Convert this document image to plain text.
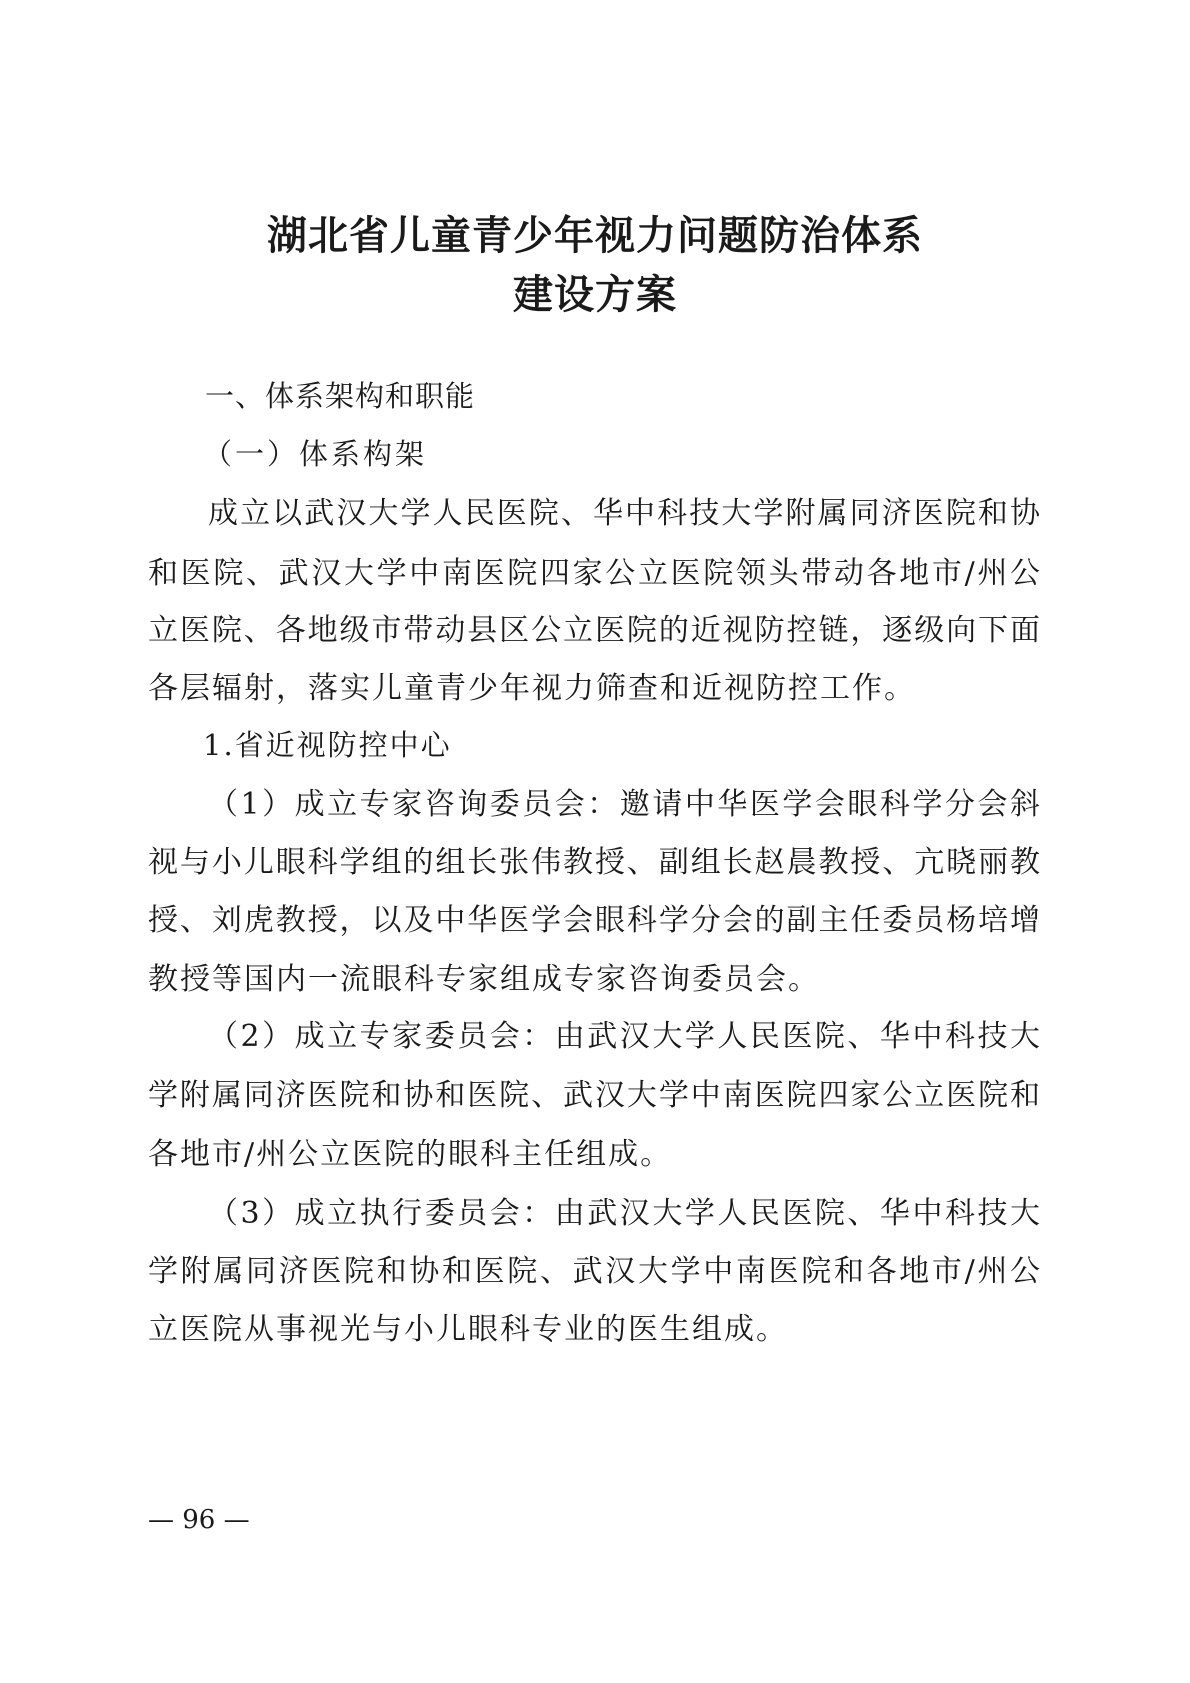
湖北省儿童青少年视力问题防治体系
建设方案
一、体系架构和职能
（一）体系构架
成立以武汉大学人民医院、华中科技大学附属同济医院和协
和医院、武汉大学中南医院四家公立医院领头带动各地市/州公
立医院、各地级市带动县区公立医院的近视防控链，逐级向下面
各层辐射，落实儿童青少年视力筛查和近视防控工作。
1.省近视防控中心
（1）成立专家咨询委员会：邀请中华医学会眼科学分会斜
视与小儿眼科学组的组长张伟教授、副组长赵晨教授、亢晓丽教
授、刘虎教授，以及中华医学会眼科学分会的副主任委员杨培增
教授等国内一流眼科专家组成专家咨询委员会。
（2）成立专家委员会：由武汉大学人民医院、华中科技大
学附属同济医院和协和医院、武汉大学中南医院四家公立医院和
各地市/州公立医院的眼科主任组成。
（3）成立执行委员会：由武汉大学人民医院、华中科技大
学附属同济医院和协和医院、武汉大学中南医院和各地市/州公
立医院从事视光与小儿眼科专业的医生组成。
— 96 —
